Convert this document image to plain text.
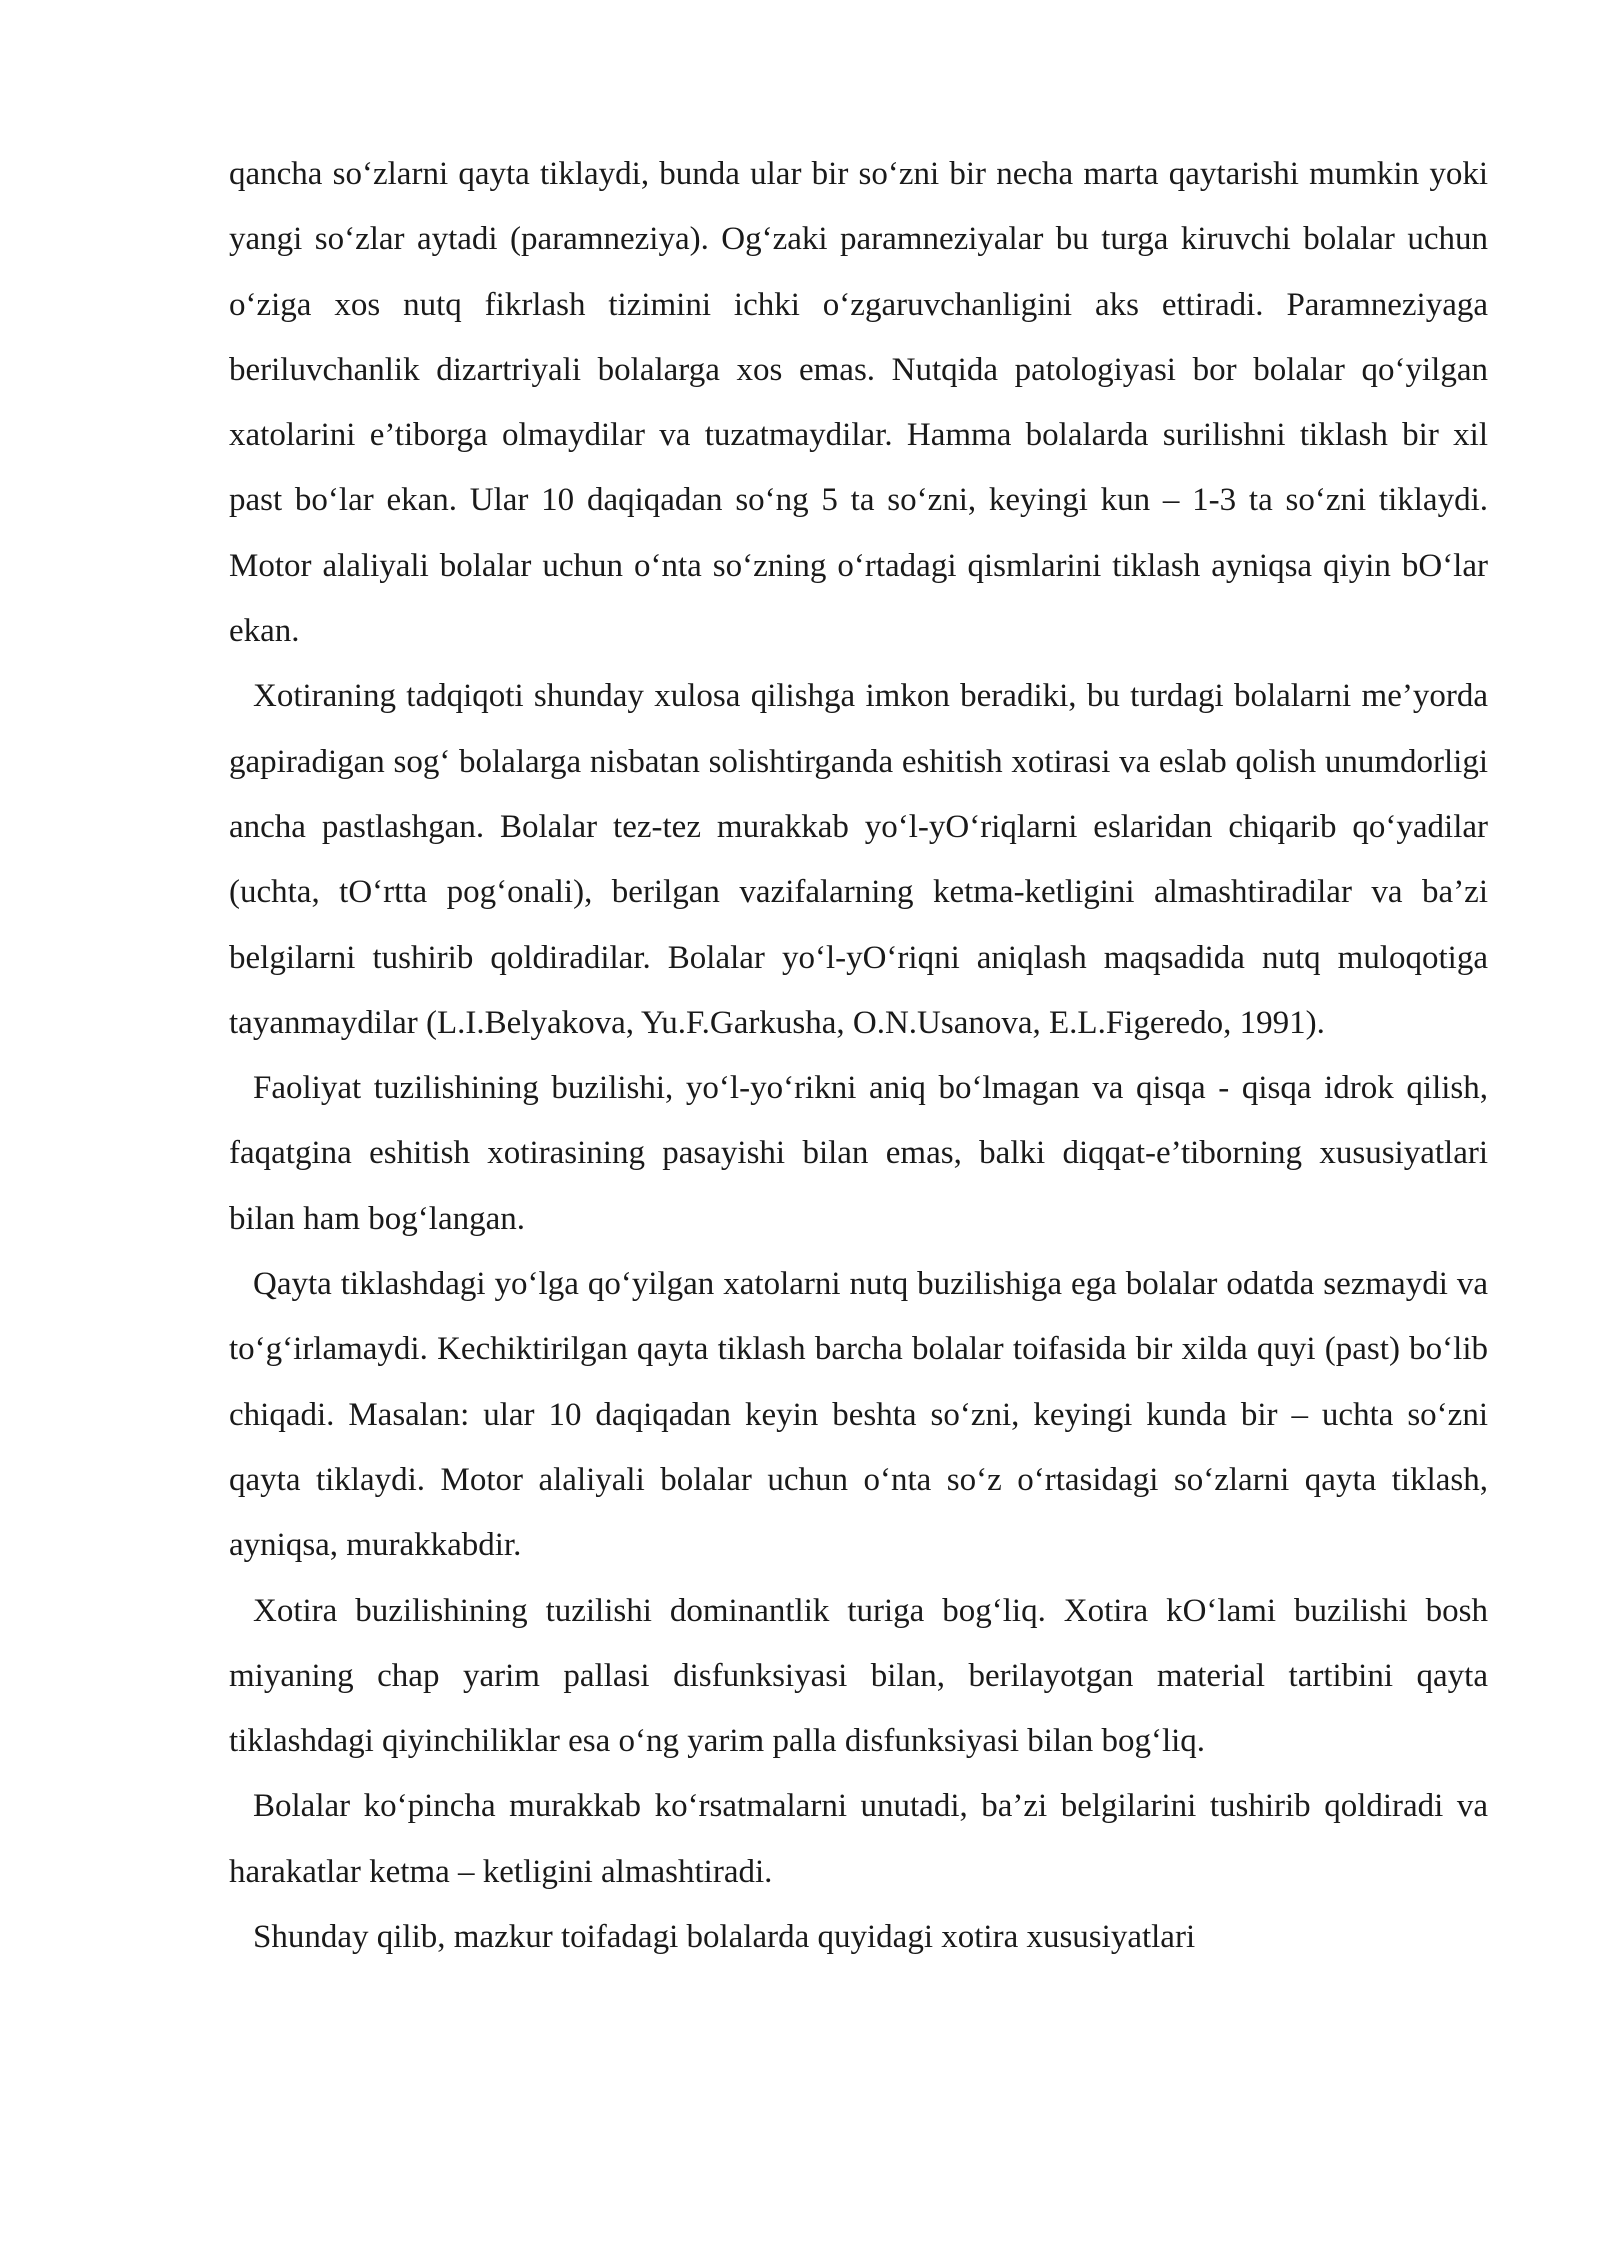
qancha so‘zlarni qayta tiklaydi, bunda ular bir so‘zni bir necha marta qaytarishi mumkin yoki yangi so‘zlar aytadi (paramneziya). Og‘zaki paramneziyalar bu turga kiruvchi bolalar uchun o‘ziga xos nutq fikrlash tizimini ichki o‘zgaruvchanligini aks ettiradi. Paramneziyaga beriluvchanlik dizartriyali bolalarga xos emas. Nutqida patologiyasi bor bolalar qo‘yilgan xatolarini e’tiborga olmaydilar va tuzatmaydilar. Hamma bolalarda surilishni tiklash bir xil past bo‘lar ekan. Ular 10 daqiqadan so‘ng 5 ta so‘zni, keyingi kun – 1-3 ta so‘zni tiklaydi. Motor alaliyali bolalar uchun o‘nta so‘zning o‘rtadagi qismlarini tiklash ayniqsa qiyin bO‘lar ekan.

Xotiraning tadqiqoti shunday xulosa qilishga imkon beradiki, bu turdagi bolalarni me’yorda gapiradigan sog‘ bolalarga nisbatan solishtirganda eshitish xotirasi va eslab qolish unumdorligi ancha pastlashgan. Bolalar tez-tez murakkab yo‘l-yO‘riqlarni eslaridan chiqarib qo‘yadilar (uchta, tO‘rtta pog‘onali), berilgan vazifalarning ketma-ketligini almashtiradilar va ba’zi belgilarni tushirib qoldiradilar. Bolalar yo‘l-yO‘riqni aniqlash maqsadida nutq muloqotiga tayanmaydilar (L.I.Belyakova, Yu.F.Garkusha, O.N.Usanova, E.L.Figeredo, 1991).

Faoliyat tuzilishining buzilishi, yo‘l-yo‘rikni aniq bo‘lmagan va qisqa - qisqa idrok qilish, faqatgina eshitish xotirasining pasayishi bilan emas, balki diqqat-e’tiborning xususiyatlari bilan ham bog‘langan.

Qayta tiklashdagi yo‘lga qo‘yilgan xatolarni nutq buzilishiga ega bolalar odatda sezmaydi va to‘g‘irlamaydi. Kechiktirilgan qayta tiklash barcha bolalar toifasida bir xilda quyi (past) bo‘lib chiqadi. Masalan: ular 10 daqiqadan keyin beshta so‘zni, keyingi kunda bir – uchta so‘zni qayta tiklaydi. Motor alaliyali bolalar uchun o‘nta so‘z o‘rtasidagi so‘zlarni qayta tiklash, ayniqsa, murakkabdir.

Xotira buzilishining tuzilishi dominantlik turiga bog‘liq. Xotira kO‘lami buzilishi bosh miyaning chap yarim pallasi disfunksiyasi bilan, berilayotgan material tartibini qayta tiklashdagi qiyinchiliklar esa o‘ng yarim palla disfunksiyasi bilan bog‘liq.

Bolalar ko‘pincha murakkab ko‘rsatmalarni unutadi, ba’zi belgilarini tushirib qoldiradi va harakatlar ketma – ketligini almashtiradi.

Shunday qilib, mazkur toifadagi bolalarda quyidagi xotira xususiyatlari
